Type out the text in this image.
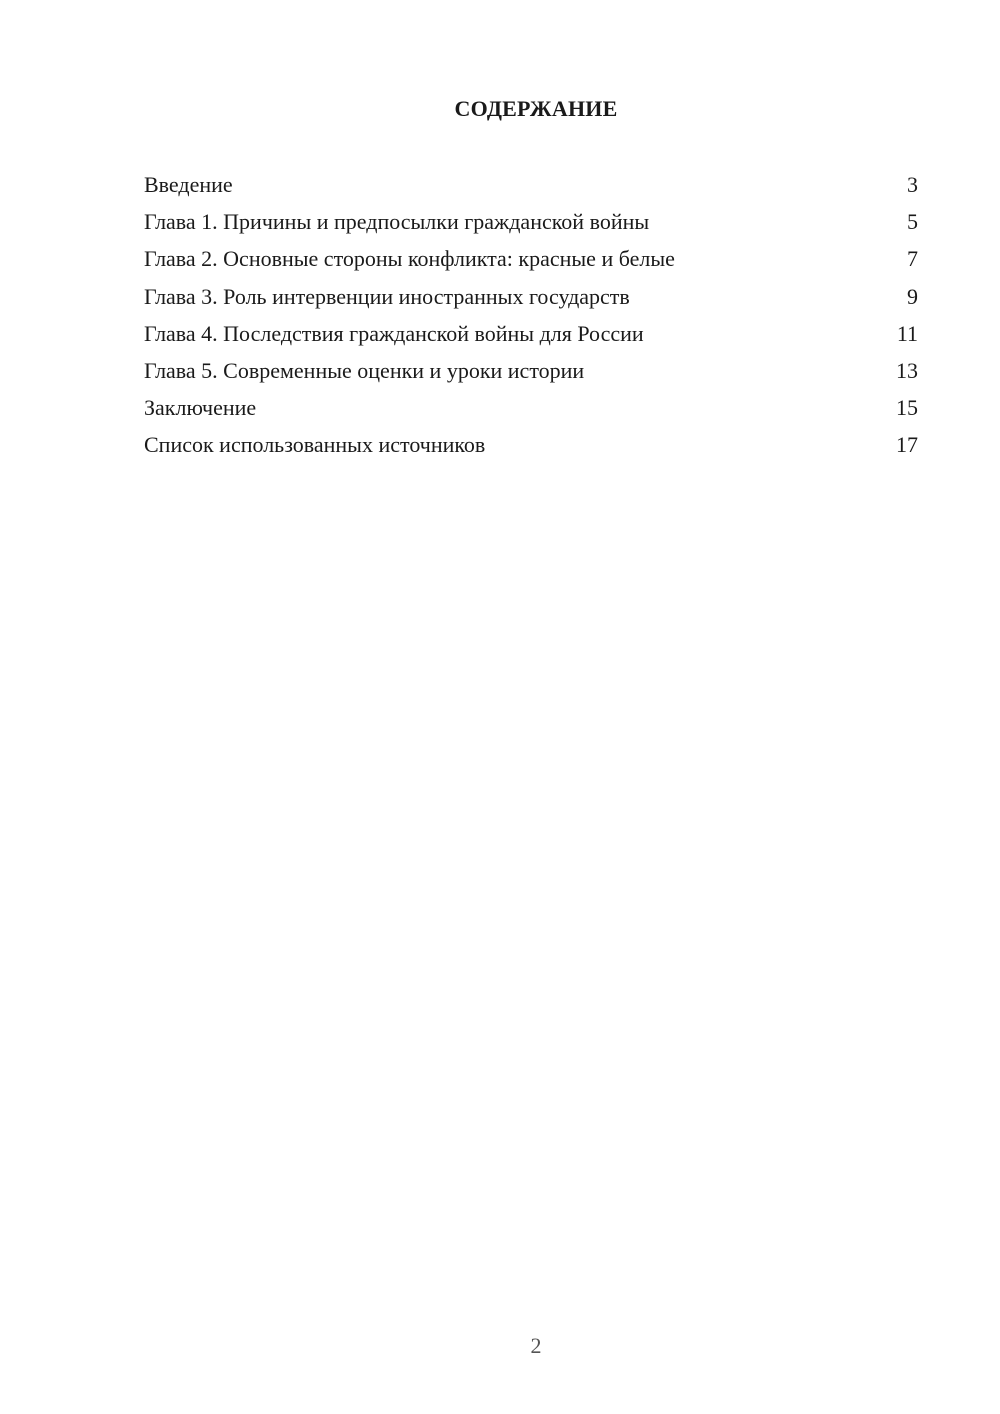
СОДЕРЖАНИЕ
Введение	3
Глава 1. Причины и предпосылки гражданской войны	5
Глава 2. Основные стороны конфликта: красные и белые	7
Глава 3. Роль интервенции иностранных государств	9
Глава 4. Последствия гражданской войны для России	11
Глава 5. Современные оценки и уроки истории	13
Заключение	15
Список использованных источников	17
2
